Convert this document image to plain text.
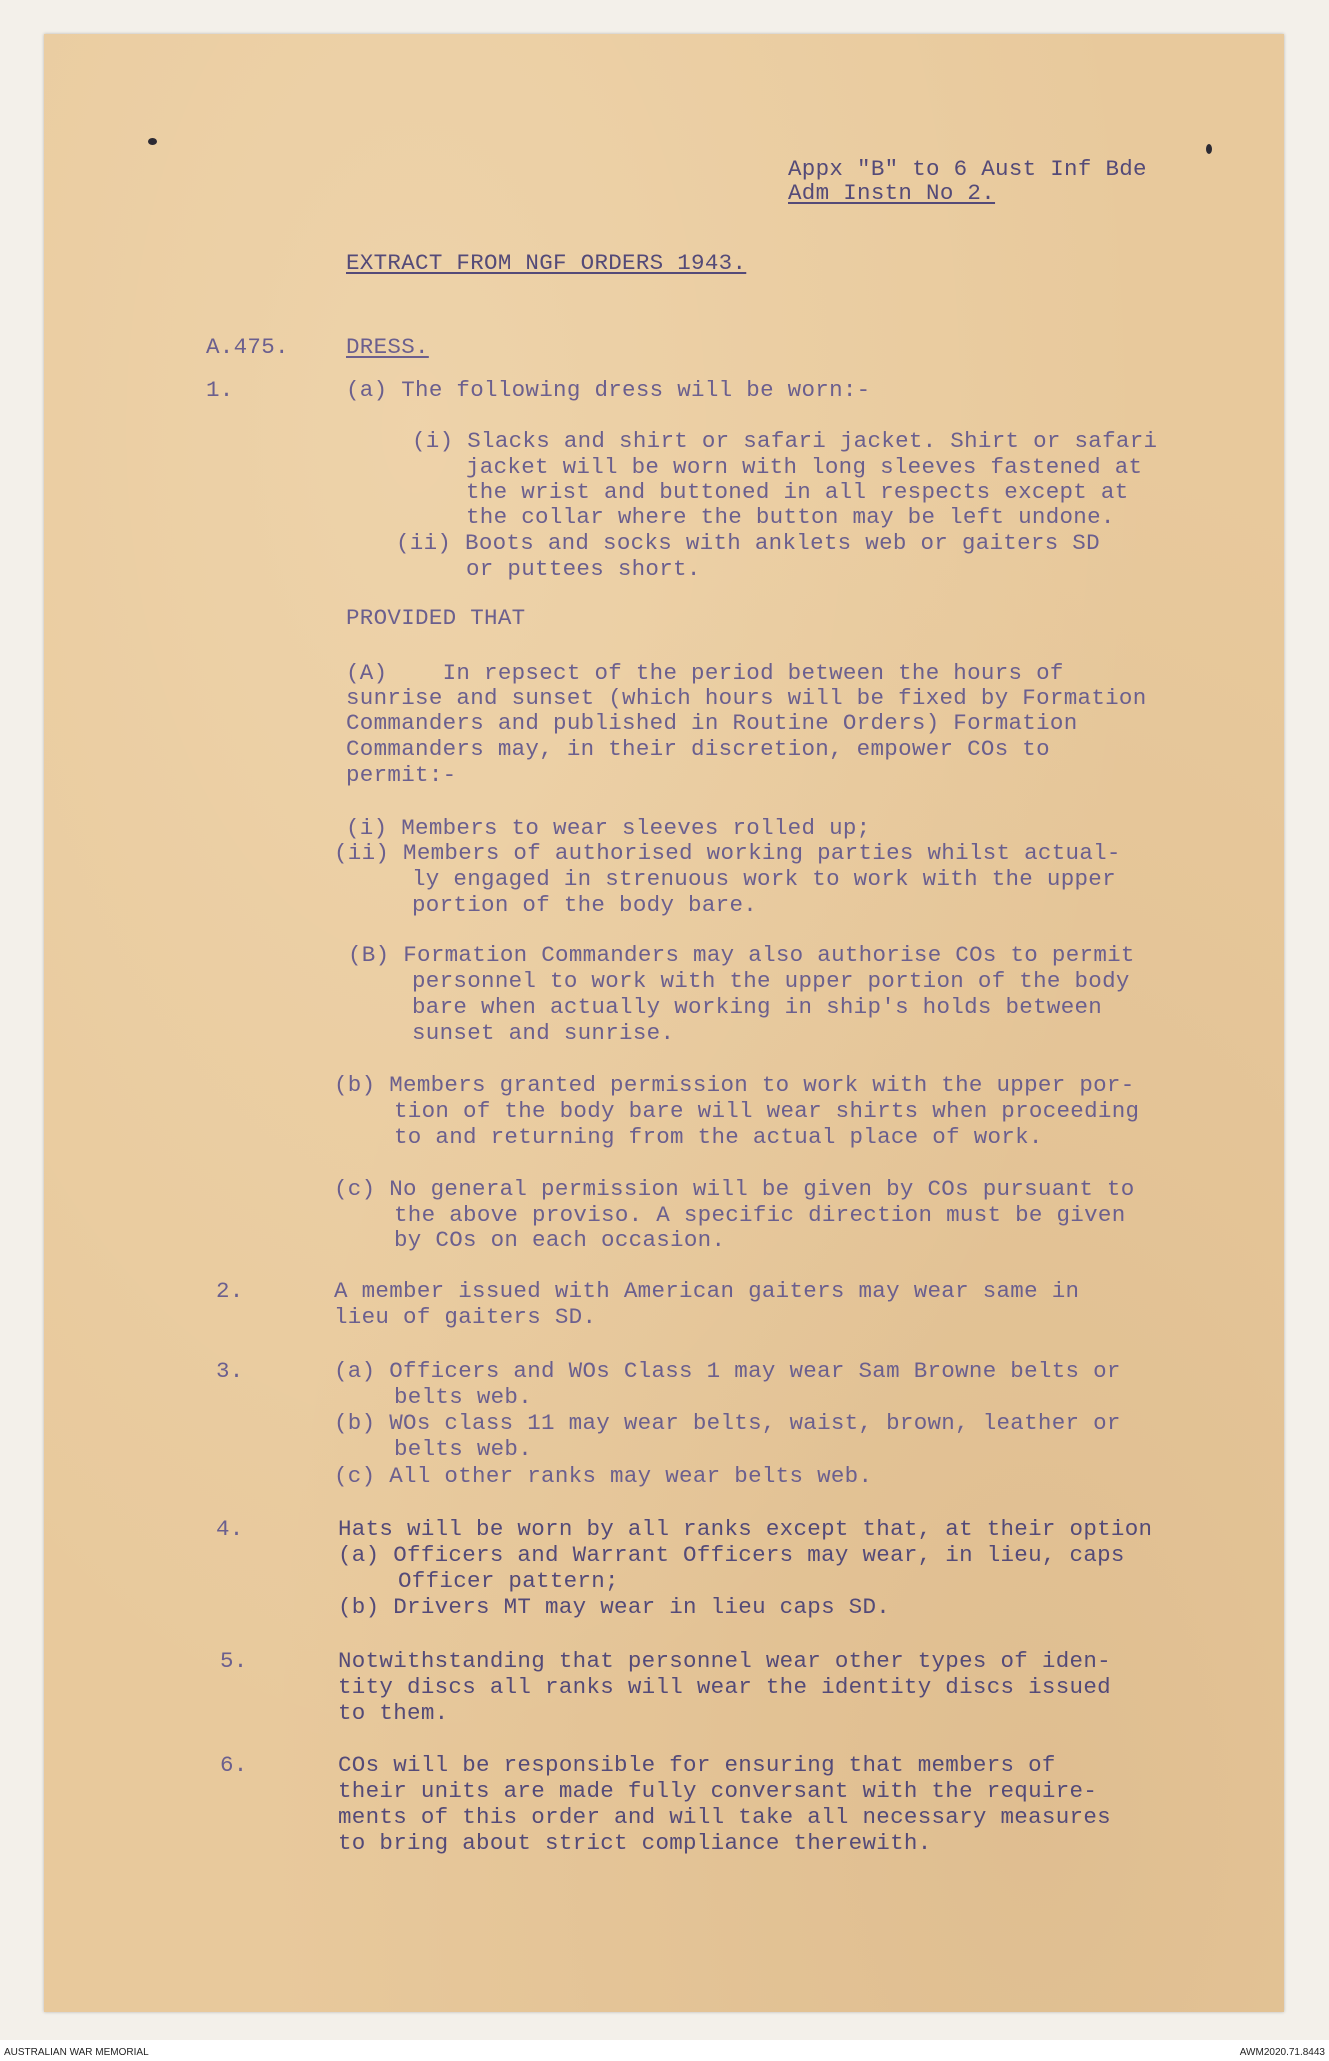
Appx "B" to 6 Aust Inf Bde
Adm Instn No 2.
EXTRACT FROM NGF ORDERS 1943.
A.475.	DRESS.
1.	(a) The following dress will be worn:-
(i) Slacks and shirt or safari jacket. Shirt or safari
jacket will be worn with long sleeves fastened at
the wrist and buttoned in all respects except at
the collar where the button may be left undone.
(ii) Boots and socks with anklets web or gaiters SD
or puttees short.
PROVIDED THAT
(A)    In repsect of the period between the hours of
sunrise and sunset (which hours will be fixed by Formation
Commanders and published in Routine Orders) Formation
Commanders may, in their discretion, empower COs to
permit:-
(i) Members to wear sleeves rolled up;
(ii) Members of authorised working parties whilst actual-
ly engaged in strenuous work to work with the upper
portion of the body bare.
(B) Formation Commanders may also authorise COs to permit
personnel to work with the upper portion of the body
bare when actually working in ship's holds between
sunset and sunrise.
(b) Members granted permission to work with the upper por-
tion of the body bare will wear shirts when proceeding
to and returning from the actual place of work.
(c) No general permission will be given by COs pursuant to
the above proviso. A specific direction must be given
by COs on each occasion.
2.	A member issued with American gaiters may wear same in
lieu of gaiters SD.
3.	(a) Officers and WOs Class 1 may wear Sam Browne belts or
belts web.
(b) WOs class 11 may wear belts, waist, brown, leather or
belts web.
(c) All other ranks may wear belts web.
4.	Hats will be worn by all ranks except that, at their option
(a) Officers and Warrant Officers may wear, in lieu, caps
Officer pattern;
(b) Drivers MT may wear in lieu caps SD.
5.	Notwithstanding that personnel wear other types of iden-
tity discs all ranks will wear the identity discs issued
to them.
6.	COs will be responsible for ensuring that members of
their units are made fully conversant with the require-
ments of this order and will take all necessary measures
to bring about strict compliance therewith.
AUSTRALIAN WAR MEMORIAL	AWM2020.71.8443
